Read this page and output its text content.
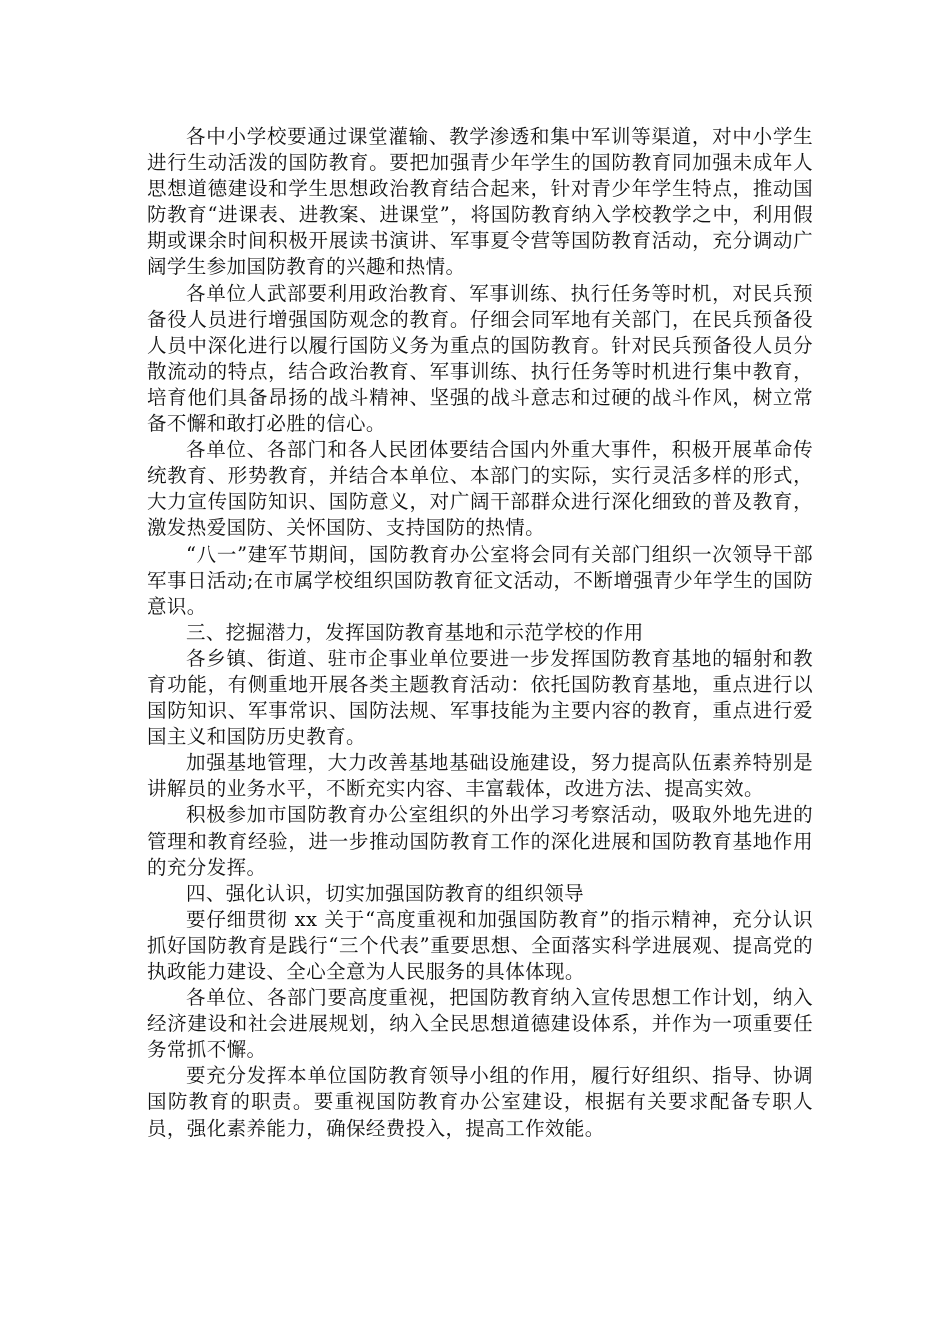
各中小学校要通过课堂灌输、教学渗透和集中军训等渠道，对中小学生进行生动活泼的国防教育。要把加强青少年学生的国防教育同加强未成年人思想道德建设和学生思想政治教育结合起来，针对青少年学生特点，推动国防教育“进课表、进教案、进课堂”，将国防教育纳入学校教学之中，利用假期或课余时间积极开展读书演讲、军事夏令营等国防教育活动，充分调动广阔学生参加国防教育的兴趣和热情。

各单位人武部要利用政治教育、军事训练、执行任务等时机，对民兵预备役人员进行增强国防观念的教育。仔细会同军地有关部门，在民兵预备役人员中深化进行以履行国防义务为重点的国防教育。针对民兵预备役人员分散流动的特点，结合政治教育、军事训练、执行任务等时机进行集中教育，培育他们具备昂扬的战斗精神、坚强的战斗意志和过硬的战斗作风，树立常备不懈和敢打必胜的信心。

各单位、各部门和各人民团体要结合国内外重大事件，积极开展革命传统教育、形势教育，并结合本单位、本部门的实际，实行灵活多样的形式，大力宣传国防知识、国防意义，对广阔干部群众进行深化细致的普及教育，激发热爱国防、关怀国防、支持国防的热情。

“八一”建军节期间，国防教育办公室将会同有关部门组织一次领导干部军事日活动;在市属学校组织国防教育征文活动，不断增强青少年学生的国防意识。

三、挖掘潜力，发挥国防教育基地和示范学校的作用

各乡镇、街道、驻市企事业单位要进一步发挥国防教育基地的辐射和教育功能，有侧重地开展各类主题教育活动：依托国防教育基地，重点进行以国防知识、军事常识、国防法规、军事技能为主要内容的教育，重点进行爱国主义和国防历史教育。

加强基地管理，大力改善基地基础设施建设，努力提高队伍素养特别是讲解员的业务水平，不断充实内容、丰富载体，改进方法、提高实效。

积极参加市国防教育办公室组织的外出学习考察活动，吸取外地先进的管理和教育经验，进一步推动国防教育工作的深化进展和国防教育基地作用的充分发挥。

四、强化认识，切实加强国防教育的组织领导

要仔细贯彻 xx 关于“高度重视和加强国防教育”的指示精神，充分认识抓好国防教育是践行“三个代表”重要思想、全面落实科学进展观、提高党的执政能力建设、全心全意为人民服务的具体体现。

各单位、各部门要高度重视，把国防教育纳入宣传思想工作计划，纳入经济建设和社会进展规划，纳入全民思想道德建设体系，并作为一项重要任务常抓不懈。

要充分发挥本单位国防教育领导小组的作用，履行好组织、指导、协调国防教育的职责。要重视国防教育办公室建设，根据有关要求配备专职人员，强化素养能力，确保经费投入，提高工作效能。
